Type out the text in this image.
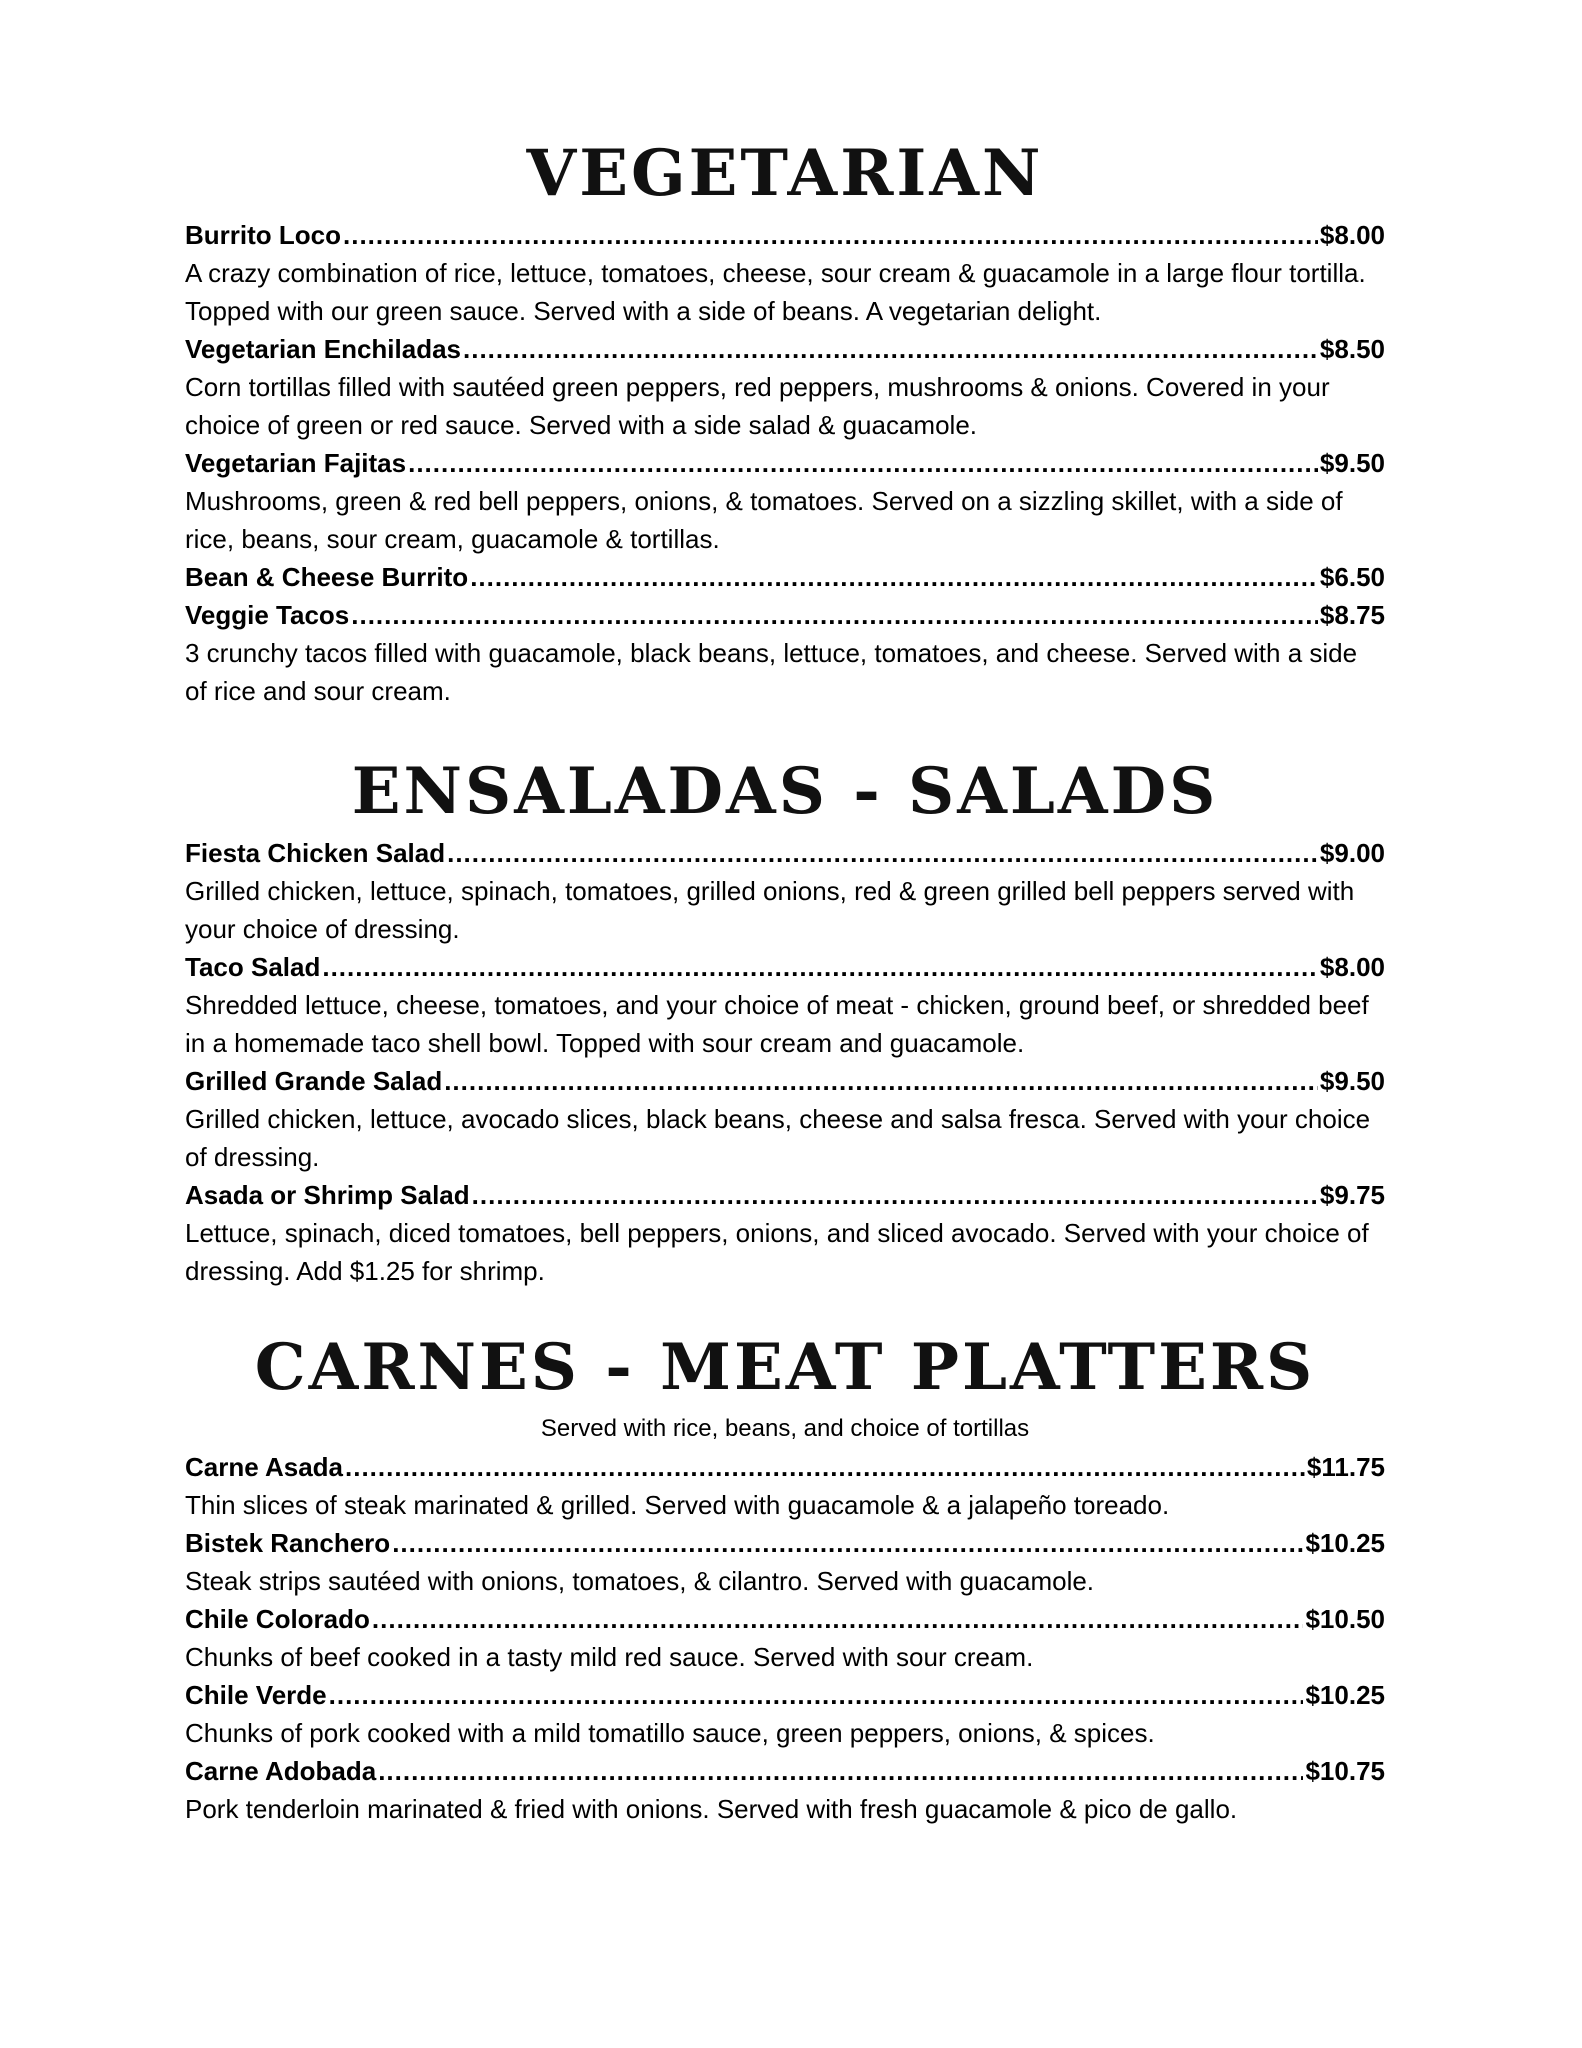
VEGETARIAN
Burrito Loco .....	$8.00

A crazy combination of rice, lettuce, tomatoes, cheese, sour cream & guacamole in a large flour tortilla. Topped with our green sauce. Served with a side of beans. A vegetarian delight.

Vegetarian Enchiladas .....	$8.50

Corn tortillas filled with sautéed green peppers, red peppers, mushrooms & onions. Covered in your choice of green or red sauce. Served with a side salad & guacamole.

Vegetarian Fajitas .....	$9.50

Mushrooms, green & red bell peppers, onions, & tomatoes. Served on a sizzling skillet, with a side of rice, beans, sour cream, guacamole & tortillas.

Bean & Cheese Burrito .....	$6.50
Veggie Tacos .....	$8.75

3 crunchy tacos filled with guacamole, black beans, lettuce, tomatoes, and cheese. Served with a side of rice and sour cream.

ENSALADAS - SALADS
Fiesta Chicken Salad .....	$9.00

Grilled chicken, lettuce, spinach, tomatoes, grilled onions, red & green grilled bell peppers served with your choice of dressing.

Taco Salad .....	$8.00

Shredded lettuce, cheese, tomatoes, and your choice of meat - chicken, ground beef, or shredded beef in a homemade taco shell bowl. Topped with sour cream and guacamole.

Grilled Grande Salad .....	$9.50

Grilled chicken, lettuce, avocado slices, black beans, cheese and salsa fresca. Served with your choice of dressing.

Asada or Shrimp Salad .....	$9.75

Lettuce, spinach, diced tomatoes, bell peppers, onions, and sliced avocado. Served with your choice of dressing. Add $1.25 for shrimp.

CARNES - MEAT PLATTERS

Served with rice, beans, and choice of tortillas

Carne Asada .....	$11.75

Thin slices of steak marinated & grilled. Served with guacamole & a jalapeño toreado.

Bistek Ranchero .....	$10.25

Steak strips sautéed with onions, tomatoes, & cilantro. Served with guacamole.

Chile Colorado .....	$10.50

Chunks of beef cooked in a tasty mild red sauce. Served with sour cream.

Chile Verde .....	$10.25

Chunks of pork cooked with a mild tomatillo sauce, green peppers, onions, & spices.

Carne Adobada .....	$10.75

Pork tenderloin marinated & fried with onions. Served with fresh guacamole & pico de gallo.
